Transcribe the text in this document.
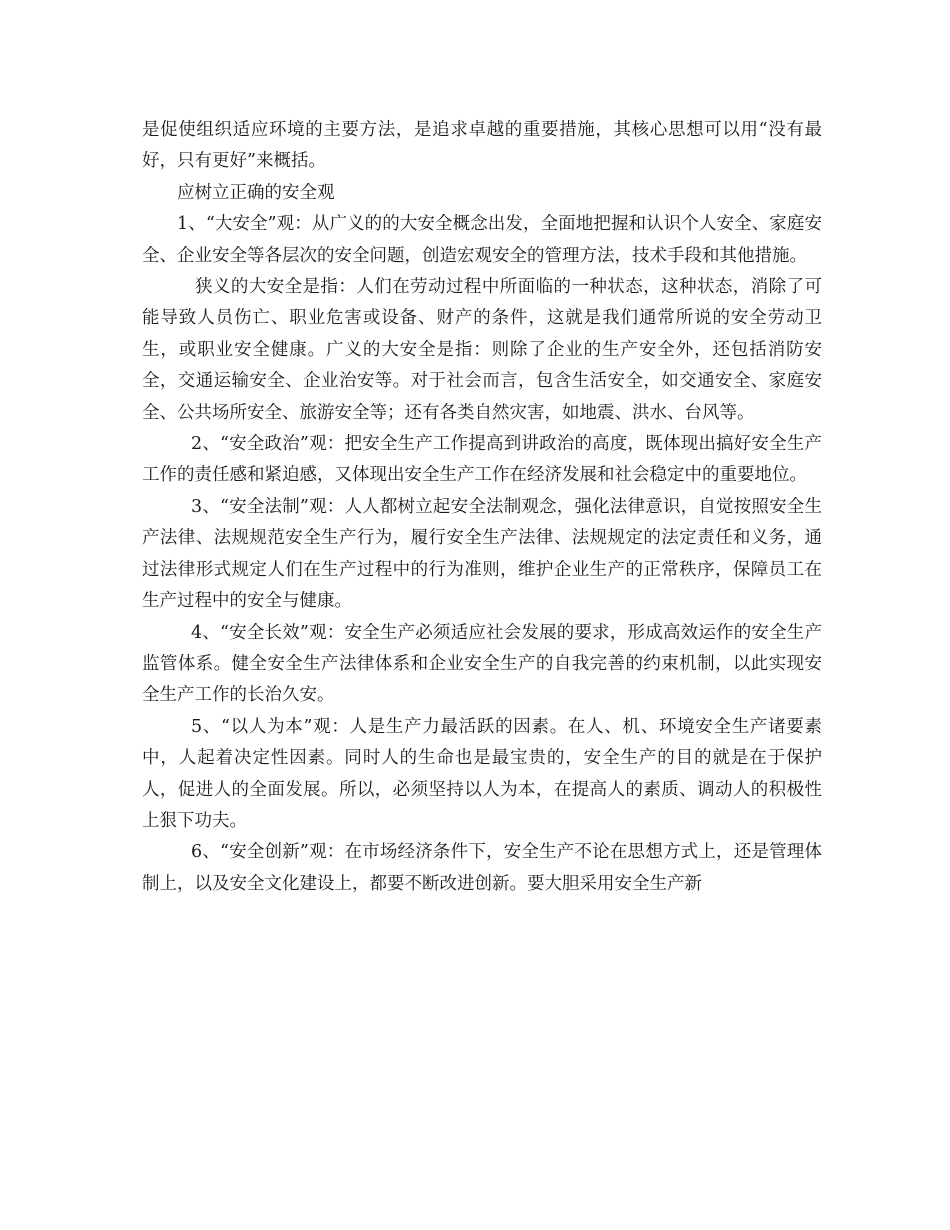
是促使组织适应环境的主要方法，是追求卓越的重要措施，其核心思想可以用“没有最好，只有更好”来概括。

应树立正确的安全观

1、“大安全”观：从广义的的大安全概念出发，全面地把握和认识个人安全、家庭安全、企业安全等各层次的安全问题，创造宏观安全的管理方法，技术手段和其他措施。

狭义的大安全是指：人们在劳动过程中所面临的一种状态，这种状态，消除了可能导致人员伤亡、职业危害或设备、财产的条件，这就是我们通常所说的安全劳动卫生，或职业安全健康。广义的大安全是指：则除了企业的生产安全外，还包括消防安全，交通运输安全、企业治安等。对于社会而言，包含生活安全，如交通安全、家庭安全、公共场所安全、旅游安全等；还有各类自然灾害，如地震、洪水、台风等。

2、“安全政治”观：把安全生产工作提高到讲政治的高度，既体现出搞好安全生产工作的责任感和紧迫感，又体现出安全生产工作在经济发展和社会稳定中的重要地位。

3、“安全法制”观：人人都树立起安全法制观念，强化法律意识，自觉按照安全生产法律、法规规范安全生产行为，履行安全生产法律、法规规定的法定责任和义务，通过法律形式规定人们在生产过程中的行为准则，维护企业生产的正常秩序，保障员工在生产过程中的安全与健康。

4、“安全长效”观：安全生产必须适应社会发展的要求，形成高效运作的安全生产监管体系。健全安全生产法律体系和企业安全生产的自我完善的约束机制，以此实现安全生产工作的长治久安。

5、“以人为本”观：人是生产力最活跃的因素。在人、机、环境安全生产诸要素中，人起着决定性因素。同时人的生命也是最宝贵的，安全生产的目的就是在于保护人，促进人的全面发展。所以，必须坚持以人为本，在提高人的素质、调动人的积极性上狠下功夫。

6、“安全创新”观：在市场经济条件下，安全生产不论在思想方式上，还是管理体制上，以及安全文化建设上，都要不断改进创新。要大胆采用安全生产新
